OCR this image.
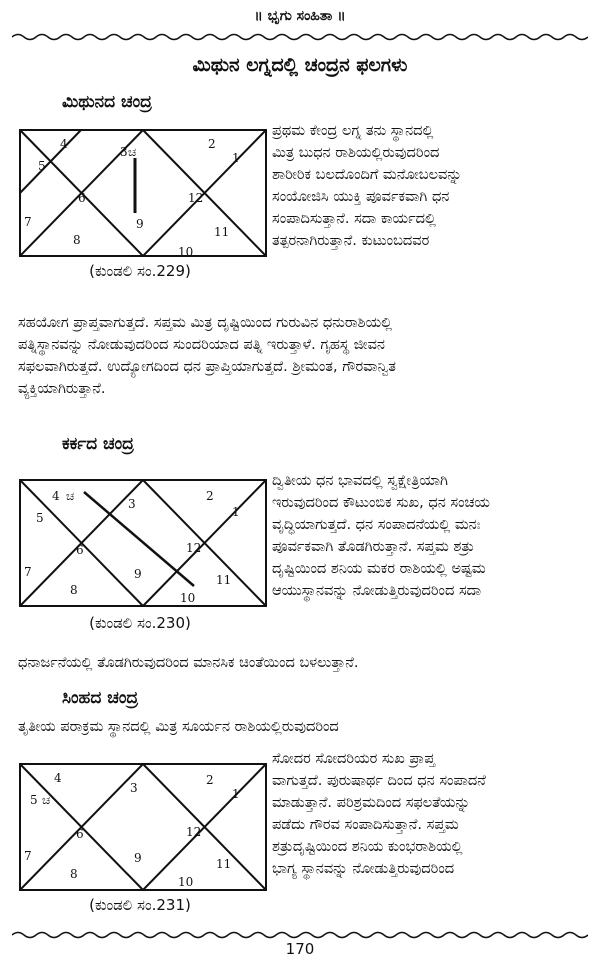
॥ ಭೃಗು ಸಂಹಿತಾ ॥
ಮಿಥುನ ಲಗ್ನದಲ್ಲಿ ಚಂದ್ರನ ಫಲಗಳು
ಮಿಥುನದ ಚಂದ್ರ
3 ಚ
4
5
6
7
8
9
10
11
12
2
1
(ಕುಂಡಲಿ ಸಂ.229)
ಪ್ರಥಮ ಕೇಂದ್ರ ಲಗ್ನ ತನು ಸ್ಥಾನದಲ್ಲಿ
ಮಿತ್ರ ಬುಧನ ರಾಶಿಯಲ್ಲಿರುವುದರಿಂದ
ಶಾರೀರಿಕ ಬಲದೊಂದಿಗೆ ಮನೋಬಲವನ್ನು
ಸಂಯೋಜಿಸಿ ಯುಕ್ತಿ ಪೂರ್ವಕವಾಗಿ ಧನ
ಸಂಪಾದಿಸುತ್ತಾನೆ. ಸದಾ ಕಾರ್ಯದಲ್ಲಿ
ತತ್ಪರನಾಗಿರುತ್ತಾನೆ. ಕುಟುಂಬದವರ
ಸಹಯೋಗ ಪ್ರಾಪ್ತವಾಗುತ್ತದೆ. ಸಪ್ತಮ ಮಿತ್ರ ದೃಷ್ಟಿಯಿಂದ ಗುರುವಿನ ಧನುರಾಶಿಯಲ್ಲಿ
ಪತ್ನಿಸ್ಥಾನವನ್ನು ನೋಡುವುದರಿಂದ ಸುಂದರಿಯಾದ ಪತ್ನಿ ಇರುತ್ತಾಳೆ. ಗೃಹಸ್ಥ ಜೀವನ
ಸಫಲವಾಗಿರುತ್ತದೆ. ಉದ್ಯೋಗದಿಂದ ಧನ ಪ್ರಾಪ್ತಿಯಾಗುತ್ತದೆ. ಶ್ರೀಮಂತ, ಗೌರವಾನ್ವಿತ
ವ್ಯಕ್ತಿಯಾಗಿರುತ್ತಾನೆ.
ಕರ್ಕದ ಚಂದ್ರ
4 ಚ
3
5
6
7
8
9
10
11
12
2
1
(ಕುಂಡಲಿ ಸಂ.230)
ದ್ವಿತೀಯ ಧನ ಭಾವದಲ್ಲಿ ಸ್ವಕ್ಷೇತ್ರಿಯಾಗಿ
ಇರುವುದರಿಂದ ಕೌಟುಂಬಿಕ ಸುಖ, ಧನ ಸಂಚಯ
ವೃದ್ಧಿಯಾಗುತ್ತದೆ. ಧನ ಸಂಪಾದನೆಯಲ್ಲಿ ಮನಃ
ಪೂರ್ವಕವಾಗಿ ತೊಡಗಿರುತ್ತಾನೆ. ಸಪ್ತಮ ಶತ್ರು
ದೃಷ್ಟಿಯಿಂದ ಶನಿಯ ಮಕರ ರಾಶಿಯಲ್ಲಿ ಅಷ್ಟಮ
ಆಯುಸ್ಥಾನವನ್ನು ನೋಡುತ್ತಿರುವುದರಿಂದ ಸದಾ
ಧನಾರ್ಜನೆಯಲ್ಲಿ ತೊಡಗಿರುವುದರಿಂದ ಮಾನಸಿಕ ಚಿಂತೆಯಿಂದ ಬಳಲುತ್ತಾನೆ.
ಸಿಂಹದ ಚಂದ್ರ
ತೃತೀಯ ಪರಾಕ್ರಮ ಸ್ಥಾನದಲ್ಲಿ ಮಿತ್ರ ಸೂರ್ಯನ ರಾಶಿಯಲ್ಲಿರುವುದರಿಂದ
4
3
5 ಚ
6
7
8
9
10
11
12
2
1
(ಕುಂಡಲಿ ಸಂ.231)
ಸೋದರ ಸೋದರಿಯರ ಸುಖ ಪ್ರಾಪ್ತ
ವಾಗುತ್ತದೆ. ಪುರುಷಾರ್ಥ ದಿಂದ ಧನ ಸಂಪಾದನೆ
ಮಾಡುತ್ತಾನೆ. ಪರಿಶ್ರಮದಿಂದ ಸಫಲತೆಯನ್ನು
ಪಡೆದು ಗೌರವ ಸಂಪಾದಿಸುತ್ತಾನೆ. ಸಪ್ತಮ
ಶತ್ರುದೃಷ್ಟಿಯಿಂದ ಶನಿಯ ಕುಂಭರಾಶಿಯಲ್ಲಿ
ಭಾಗ್ಯ ಸ್ಥಾನವನ್ನು ನೋಡುತ್ತಿರುವುದರಿಂದ
170
